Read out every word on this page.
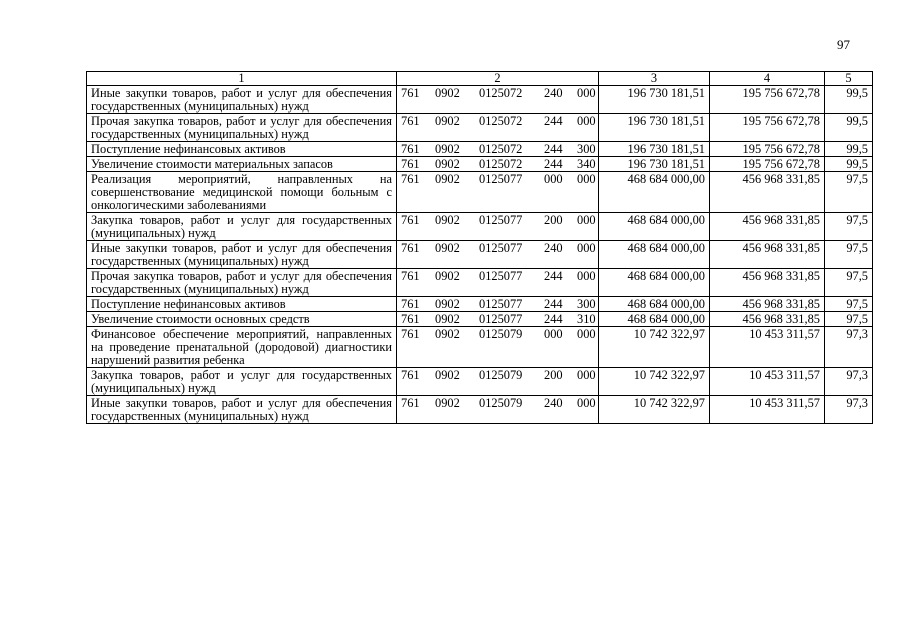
97
1	2	3	4	5
Иные закупки товаров, работ и услуг для обеспечения государственных (муниципальных) нужд	761 0902 0125072 240 000	196 730 181,51	195 756 672,78	99,5
Прочая закупка товаров, работ и услуг для обеспечения государственных (муниципальных) нужд	761 0902 0125072 244 000	196 730 181,51	195 756 672,78	99,5
Поступление нефинансовых активов	761 0902 0125072 244 300	196 730 181,51	195 756 672,78	99,5
Увеличение стоимости материальных запасов	761 0902 0125072 244 340	196 730 181,51	195 756 672,78	99,5
Реализация мероприятий, направленных на совершенствование медицинской помощи больным с онкологическими заболеваниями	761 0902 0125077 000 000	468 684 000,00	456 968 331,85	97,5
Закупка товаров, работ и услуг для государственных (муниципальных) нужд	761 0902 0125077 200 000	468 684 000,00	456 968 331,85	97,5
Иные закупки товаров, работ и услуг для обеспечения государственных (муниципальных) нужд	761 0902 0125077 240 000	468 684 000,00	456 968 331,85	97,5
Прочая закупка товаров, работ и услуг для обеспечения государственных (муниципальных) нужд	761 0902 0125077 244 000	468 684 000,00	456 968 331,85	97,5
Поступление нефинансовых активов	761 0902 0125077 244 300	468 684 000,00	456 968 331,85	97,5
Увеличение стоимости основных средств	761 0902 0125077 244 310	468 684 000,00	456 968 331,85	97,5
Финансовое обеспечение мероприятий, направленных на проведение пренатальной (дородовой) диагностики нарушений развития ребенка	761 0902 0125079 000 000	10 742 322,97	10 453 311,57	97,3
Закупка товаров, работ и услуг для государственных (муниципальных) нужд	761 0902 0125079 200 000	10 742 322,97	10 453 311,57	97,3
Иные закупки товаров, работ и услуг для обеспечения государственных (муниципальных) нужд	761 0902 0125079 240 000	10 742 322,97	10 453 311,57	97,3
